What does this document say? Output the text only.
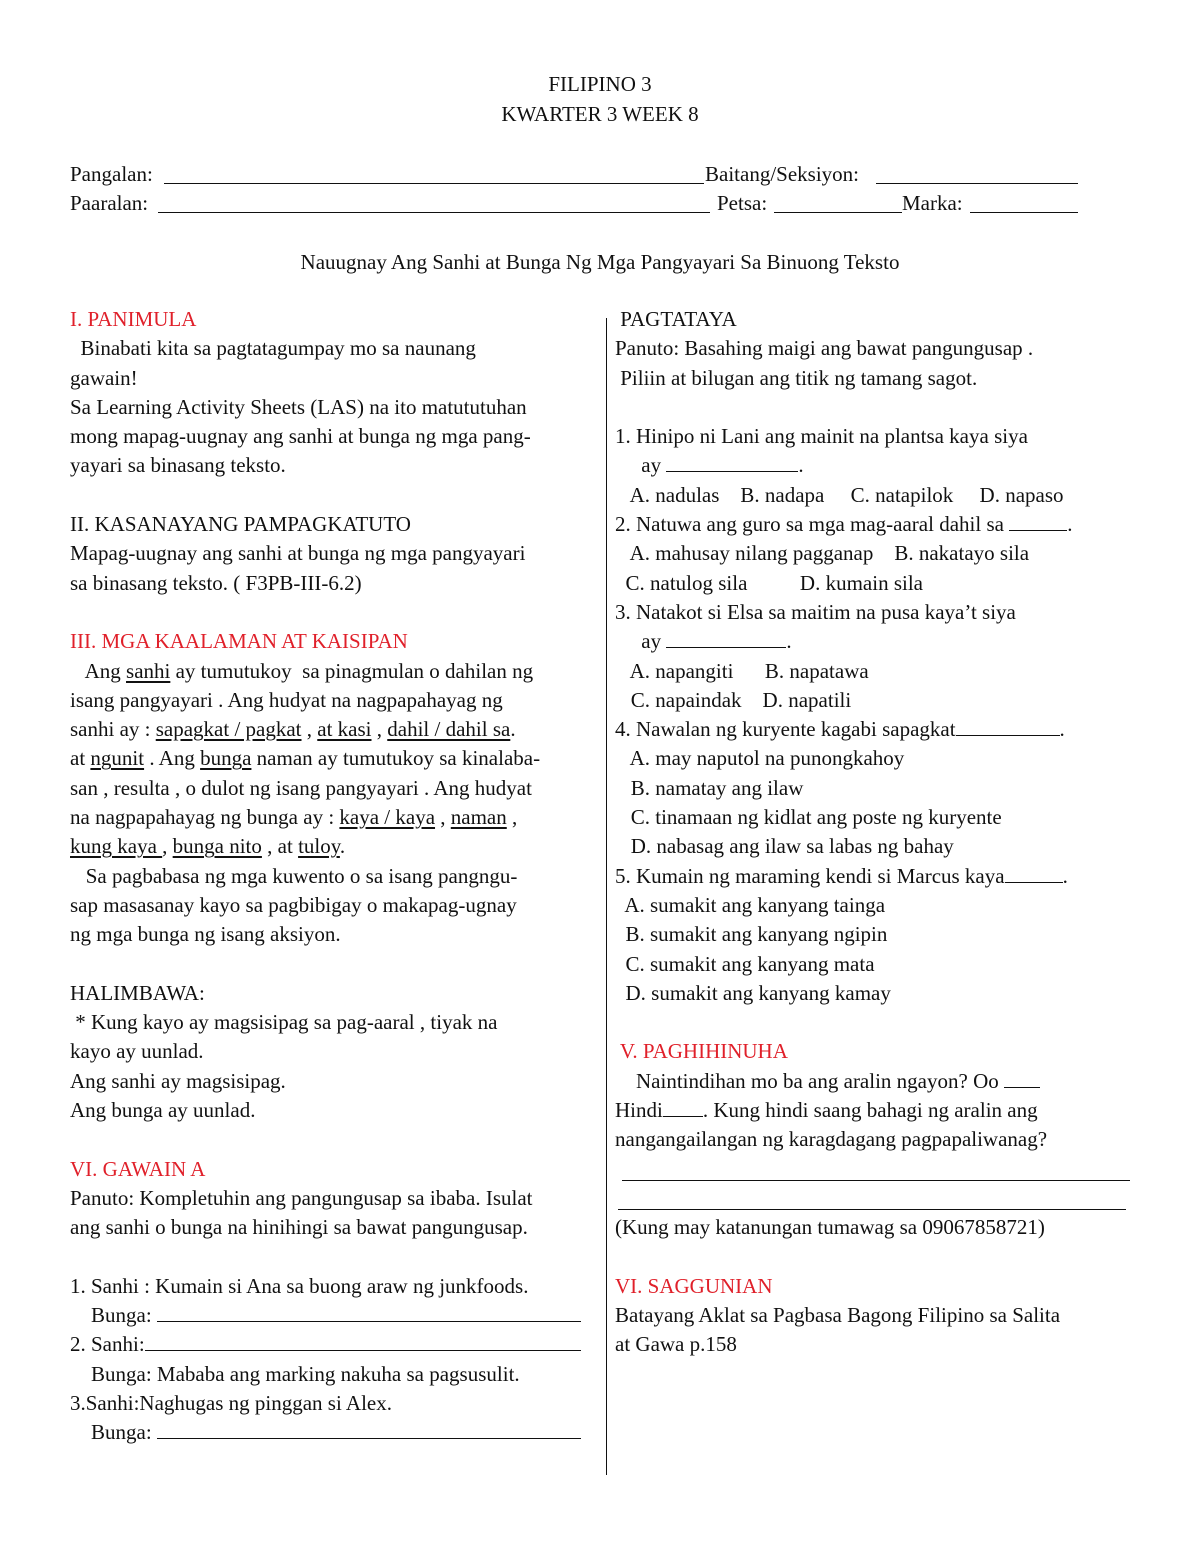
FILIPINO 3
KWARTER 3 WEEK 8
Pangalan:	Baitang/Seksiyon:
Paaralan:	Petsa:	Marka:
Nauugnay Ang Sanhi at Bunga Ng Mga Pangyayari Sa Binuong Teksto
I. PANIMULA
Binabati kita sa pagtatagumpay mo sa naunang
gawain!
Sa Learning Activity Sheets (LAS) na ito matututuhan
mong mapag-uugnay ang sanhi at bunga ng mga pang-
yayari sa binasang teksto.

II. KASANAYANG PAMPAGKATUTO
Mapag-uugnay ang sanhi at bunga ng mga pangyayari
sa binasang teksto. ( F3PB-III-6.2)

III. MGA KAALAMAN AT KAISIPAN
Ang sanhi ay tumutukoy  sa pinagmulan o dahilan ng
isang pangyayari . Ang hudyat na nagpapahayag ng
sanhi ay : sapagkat / pagkat , at kasi , dahil / dahil sa.
at ngunit . Ang bunga naman ay tumutukoy sa kinalaba-
san , resulta , o dulot ng isang pangyayari . Ang hudyat
na nagpapahayag ng bunga ay : kaya / kaya , naman ,
kung kaya , bunga nito , at tuloy.
Sa pagbabasa ng mga kuwento o sa isang pangngu-
sap masasanay kayo sa pagbibigay o makapag-ugnay
ng mga bunga ng isang aksiyon.

HALIMBAWA:
* Kung kayo ay magsisipag sa pag-aaral , tiyak na
kayo ay uunlad.
Ang sanhi ay magsisipag.
Ang bunga ay uunlad.

VI. GAWAIN A
Panuto: Kompletuhin ang pangungusap sa ibaba. Isulat
ang sanhi o bunga na hinihingi sa bawat pangungusap.

1. Sanhi : Kumain si Ana sa buong araw ng junkfoods.
Bunga:
2. Sanhi:
Bunga: Mababa ang marking nakuha sa pagsusulit.
3.Sanhi:Naghugas ng pinggan si Alex.
Bunga:
PAGTATAYA
Panuto: Basahing maigi ang bawat pangungusap .
Piliin at bilugan ang titik ng tamang sagot.

1. Hinipo ni Lani ang mainit na plantsa kaya siya
ay	.
A. nadulas    B. nadapa     C. natapilok     D. napaso
2. Natuwa ang guro sa mga mag-aaral dahil sa	.
A. mahusay nilang pagganap    B. nakatayo sila
C. natulog sila          D. kumain sila
3. Natakot si Elsa sa maitim na pusa kaya’t siya
ay	.
A. napangiti      B. napatawa
C. napaindak    D. napatili
4. Nawalan ng kuryente kagabi sapagkat	.
A. may naputol na punongkahoy
B. namatay ang ilaw
C. tinamaan ng kidlat ang poste ng kuryente
D. nabasag ang ilaw sa labas ng bahay
5. Kumain ng maraming kendi si Marcus kaya	.
A. sumakit ang kanyang tainga
B. sumakit ang kanyang ngipin
C. sumakit ang kanyang mata
D. sumakit ang kanyang kamay

V. PAGHIHINUHA
Naintindihan mo ba ang aralin ngayon? Oo
Hindi . Kung hindi saang bahagi ng aralin ang
nangangailangan ng karagdagang pagpapaliwanag?

(Kung may katanungan tumawag sa 09067858721)

VI. SAGGUNIAN
Batayang Aklat sa Pagbasa Bagong Filipino sa Salita
at Gawa p.158
